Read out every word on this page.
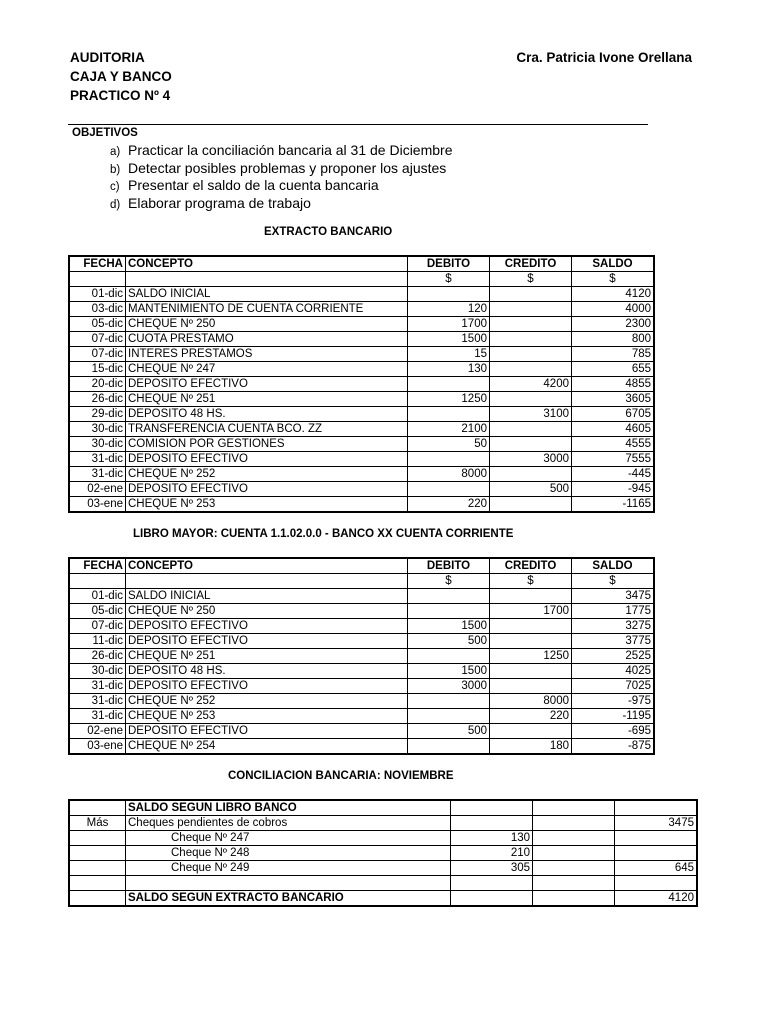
AUDITORIA
CAJA Y BANCO
PRACTICO Nº 4
Cra. Patricia Ivone Orellana
OBJETIVOS
a) Practicar la conciliación bancaria al 31 de Diciembre
b) Detectar posibles problemas y proponer los ajustes
c) Presentar el saldo de la cuenta bancaria
d) Elaborar programa de trabajo
EXTRACTO BANCARIO
FECHA	CONCEPTO	DEBITO	CREDITO	SALDO
		$	$	$
01-dic	SALDO INICIAL			4120
03-dic	MANTENIMIENTO DE CUENTA CORRIENTE	120		4000
05-dic	CHEQUE Nº 250	1700		2300
07-dic	CUOTA PRESTAMO	1500		800
07-dic	INTERES PRESTAMOS	15		785
15-dic	CHEQUE Nº 247	130		655
20-dic	DEPOSITO EFECTIVO		4200	4855
26-dic	CHEQUE Nº 251	1250		3605
29-dic	DEPOSITO 48 HS.		3100	6705
30-dic	TRANSFERENCIA CUENTA BCO. ZZ	2100		4605
30-dic	COMISION POR GESTIONES	50		4555
31-dic	DEPOSITO EFECTIVO		3000	7555
31-dic	CHEQUE Nº 252	8000		-445
02-ene	DEPOSITO EFECTIVO		500	-945
03-ene	CHEQUE Nº 253	220		-1165
LIBRO MAYOR: CUENTA 1.1.02.0.0 - BANCO XX CUENTA CORRIENTE
FECHA	CONCEPTO	DEBITO	CREDITO	SALDO
		$	$	$
01-dic	SALDO INICIAL			3475
05-dic	CHEQUE Nº 250		1700	1775
07-dic	DEPOSITO EFECTIVO	1500		3275
11-dic	DEPOSITO EFECTIVO	500		3775
26-dic	CHEQUE Nº 251		1250	2525
30-dic	DEPOSITO 48 HS.	1500		4025
31-dic	DEPOSITO EFECTIVO	3000		7025
31-dic	CHEQUE Nº 252		8000	-975
31-dic	CHEQUE Nº 253		220	-1195
02-ene	DEPOSITO EFECTIVO	500		-695
03-ene	CHEQUE Nº 254		180	-875
CONCILIACION BANCARIA: NOVIEMBRE
	SALDO SEGUN LIBRO BANCO			
Más	Cheques pendientes de cobros			3475
	Cheque Nº 247	130		
	Cheque Nº 248	210		
	Cheque Nº 249	305		645

	SALDO SEGUN EXTRACTO BANCARIO			4120
